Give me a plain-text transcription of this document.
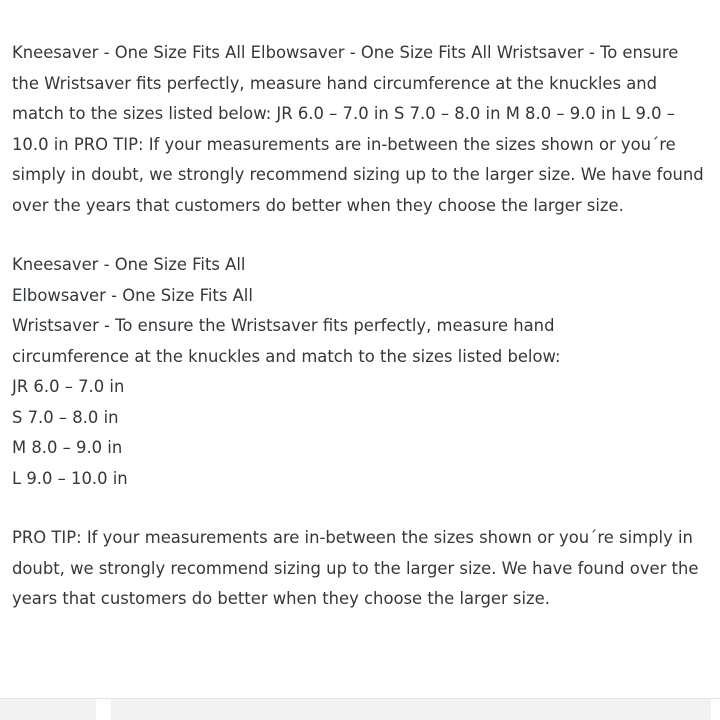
Kneesaver - One Size Fits All Elbowsaver - One Size Fits All Wristsaver - To ensure the Wristsaver fits perfectly, measure hand circumference at the knuckles and match to the sizes listed below: JR 6.0 – 7.0 in S 7.0 – 8.0 in M 8.0 – 9.0 in L 9.0 – 10.0 in PRO TIP: If your measurements are in-between the sizes shown or you´re simply in doubt, we strongly recommend sizing up to the larger size. We have found over the years that customers do better when they choose the larger size.

Kneesaver - One Size Fits All

Elbowsaver - One Size Fits All

Wristsaver - To ensure the Wristsaver fits perfectly, measure hand

circumference at the knuckles and match to the sizes listed below:

JR 6.0 – 7.0 in

S 7.0 – 8.0 in

M 8.0 – 9.0 in

L 9.0 – 10.0 in

PRO TIP: If your measurements are in-between the sizes shown or you´re simply in doubt, we strongly recommend sizing up to the larger size. We have found over the years that customers do better when they choose the larger size.
